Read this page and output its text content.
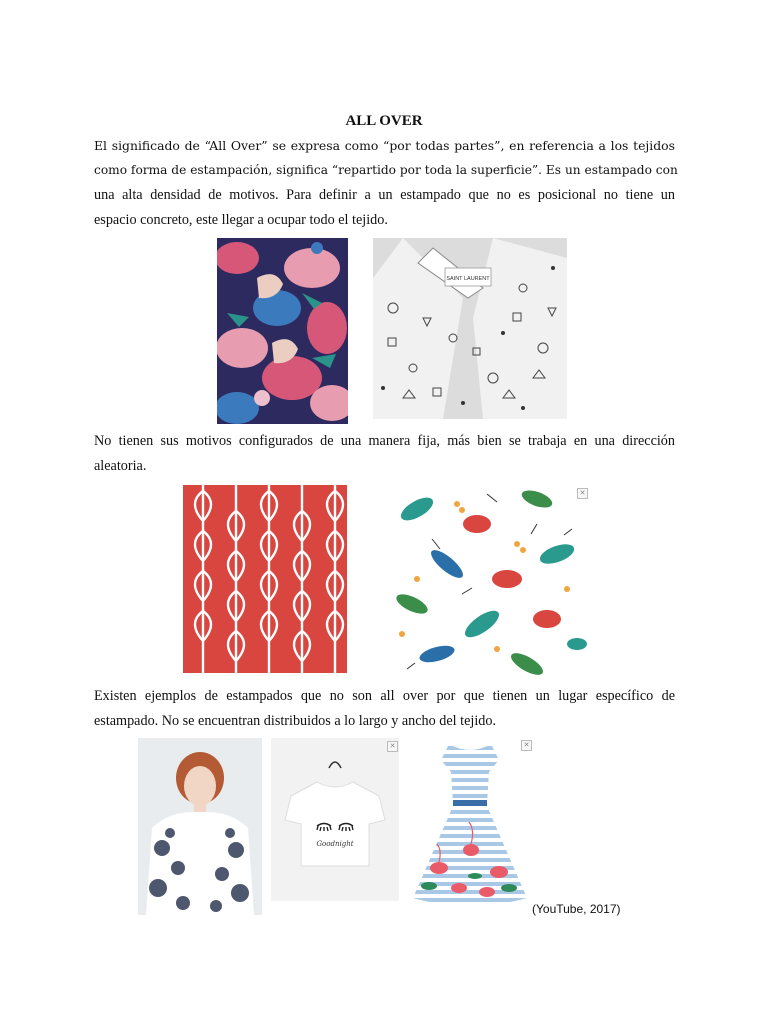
ALL OVER
El significado de “All Over” se expresa como “por todas partes”, en referencia a los tejidos
como forma de estampación, significa “repartido por toda la superficie”. Es un estampado con
una alta densidad de motivos. Para definir a un estampado que no es posicional no tiene un
espacio concreto, este llegar a ocupar todo el tejido.
SAINT LAURENT
No tienen sus motivos configurados de una manera fija, más bien se trabaja en una dirección
aleatoria.
✕
Existen ejemplos de estampados que no son all over por que tienen un lugar específico de
estampado. No se encuentran distribuidos a lo largo y ancho del tejido.
Goodnight
✕	✕
(YouTube, 2017)
